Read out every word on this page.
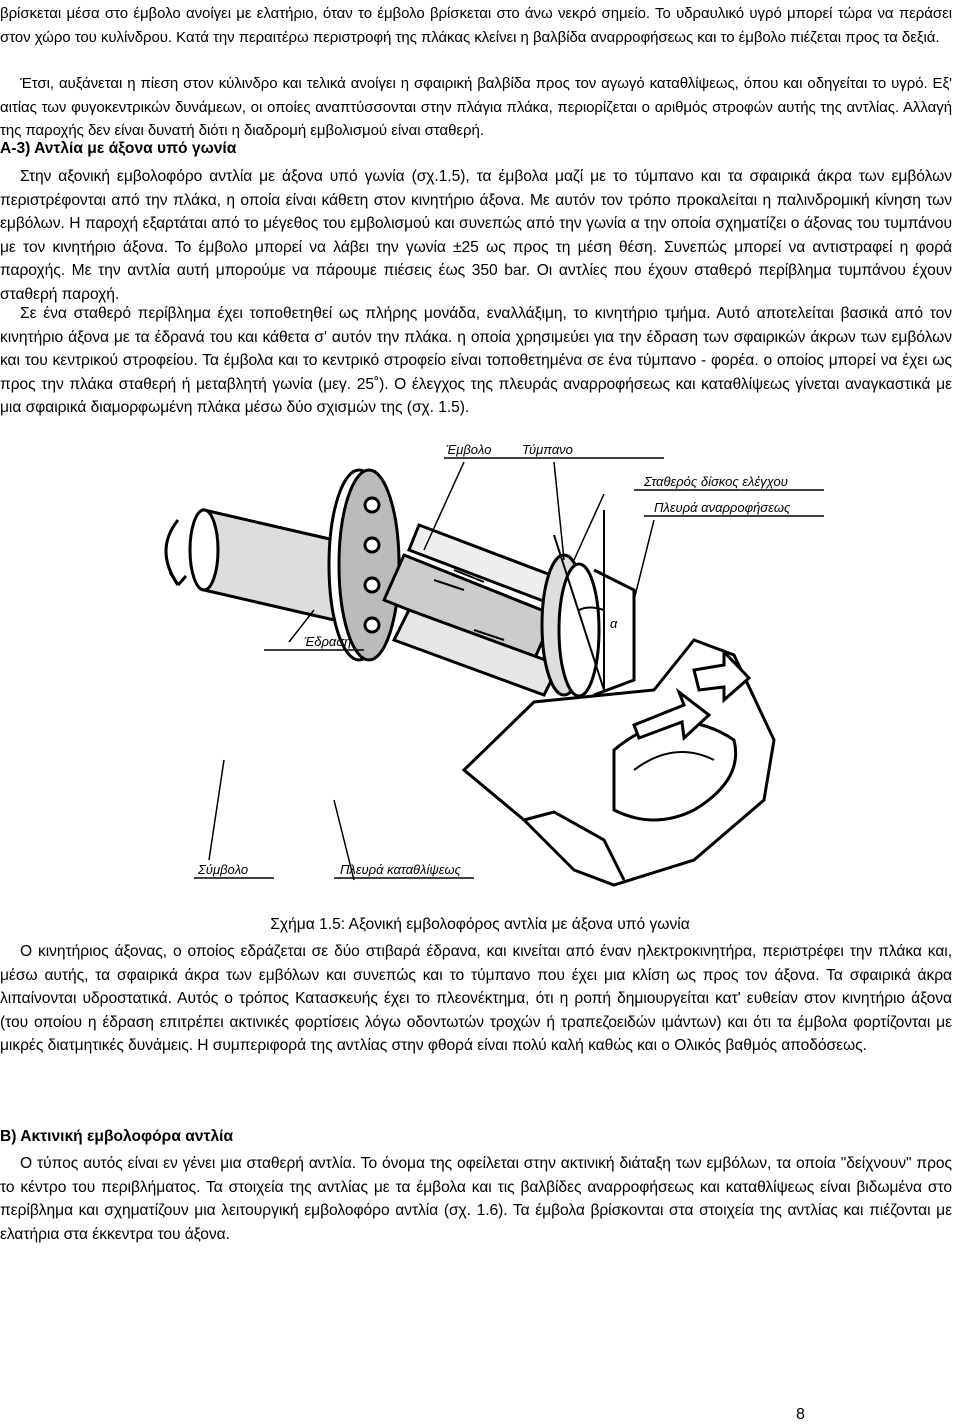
βρίσκεται μέσα στο έμβολο ανοίγει με ελατήριο, όταν το έμβολο βρίσκεται στο άνω νεκρό σημείο. Το υδραυλικό υγρό μπορεί τώρα να περάσει στον χώρο του κυλίνδρου. Κατά την περαιτέρω περιστροφή της πλάκας κλείνει η βαλβίδα αναρροφήσεως και το έμβολο πιέζεται προς τα δεξιά.

Έτσι, αυξάνεται η πίεση στον κύλινδρο και τελικά ανοίγει η σφαιρική βαλβίδα προς τον αγωγό καταθλίψεως, όπου και οδηγείται το υγρό. Εξ' αιτίας των φυγοκεντρικών δυνάμεων, οι οποίες αναπτύσσονται στην πλάγια πλάκα, περιορίζεται ο αριθμός στροφών αυτής της αντλίας. Αλλαγή της παροχής δεν είναι δυνατή διότι η διαδρομή εμβολισμού είναι σταθερή.

Α-3) Αντλία με άξονα υπό γωνία

Στην αξονική εμβολοφόρο αντλία με άξονα υπό γωνία (σχ.1.5), τα έμβολα μαζί με το τύμπανο και τα σφαιρικά άκρα των εμβόλων περιστρέφονται από την πλάκα, η οποία είναι κάθετη στον κινητήριο άξονα. Με αυτόν τον τρόπο προκαλείται η παλινδρομική κίνηση των εμβόλων. Η παροχή εξαρτάται από το μέγεθος του εμβολισμού και συνεπώς από την γωνία α την οποία σχηματίζει ο άξονας του τυμπάνου με τον κινητήριο άξονα. Το έμβολο μπορεί να λάβει την γωνία ±25 ως προς τη μέση θέση. Συνεπώς μπορεί να αντιστραφεί η φορά παροχής. Με την αντλία αυτή μπορούμε να πάρουμε πιέσεις έως 350 bar. Οι αντλίες που έχουν σταθερό περίβλημα τυμπάνου έχουν σταθερή παροχή.

Σε ένα σταθερό περίβλημα έχει τοποθετηθεί ως πλήρης μονάδα, εναλλάξιμη, το κινητήριο τμήμα. Αυτό αποτελείται βασικά από τον κινητήριο άξονα με τα έδρανά του και κάθετα σ' αυτόν την πλάκα. η οποία χρησιμεύει για την έδραση των σφαιρικών άκρων των εμβόλων και του κεντρικού στροφείου. Τα έμβολα και το κεντρικό στροφείο είναι τοποθετημένα σε ένα τύμπανο - φορέα. ο οποίος μπορεί να έχει ως προς την πλάκα σταθερή ή μεταβλητή γωνία (μεγ. 25˚). Ο έλεγχος της πλευράς αναρροφήσεως και καταθλίψεως γίνεται αναγκαστικά με μια σφαιρικά διαμορφωμένη πλάκα μέσω δύο σχισμών της (σχ. 1.5).

α
Έμβολο Τύμπανο
Σταθερός δίσκος ελέγχου
Πλευρά αναρροφήσεως
Έδραση
Σύμβολο	Πλευρά καταθλίψεως
Σχήμα 1.5: Αξονική εμβολοφόρος αντλία με άξονα υπό γωνία

Ο κινητήριος άξονας, ο οποίος εδράζεται σε δύο στιβαρά έδρανα, και κινείται από έναν ηλεκτροκινητήρα, περιστρέφει την πλάκα και, μέσω αυτής, τα σφαιρικά άκρα των εμβόλων και συνεπώς και το τύμπανο που έχει μια κλίση ως προς τον άξονα. Τα σφαιρικά άκρα λιπαίνονται υδροστατικά. Αυτός ο τρόπος Κατασκευής έχει το πλεονέκτημα, ότι η ροπή δημιουργείται κατ' ευθείαν στον κινητήριο άξονα (του οποίου η έδραση επιτρέπει ακτινικές φορτίσεις λόγω οδοντωτών τροχών ή τραπεζοειδών ιμάντων) και ότι τα έμβολα φορτίζονται με μικρές διατμητικές δυνάμεις. Η συμπεριφορά της αντλίας στην φθορά είναι πολύ καλή καθώς και ο Ολικός βαθμός αποδόσεως.

Β) Ακτινική εμβολοφόρα αντλία

Ο τύπος αυτός είναι εν γένει μια σταθερή αντλία. Το όνομα της οφείλεται στην ακτινική διάταξη των εμβόλων, τα οποία "δείχνουν" προς το κέντρο του περιβλήματος. Τα στοιχεία της αντλίας με τα έμβολα και τις βαλβίδες αναρροφήσεως και καταθλίψεως είναι βιδωμένα στο περίβλημα και σχηματίζουν μια λειτουργική εμβολοφόρο αντλία (σχ. 1.6). Τα έμβολα βρίσκονται στα στοιχεία της αντλίας και πιέζονται με ελατήρια στα έκκεντρα του άξονα.

8
